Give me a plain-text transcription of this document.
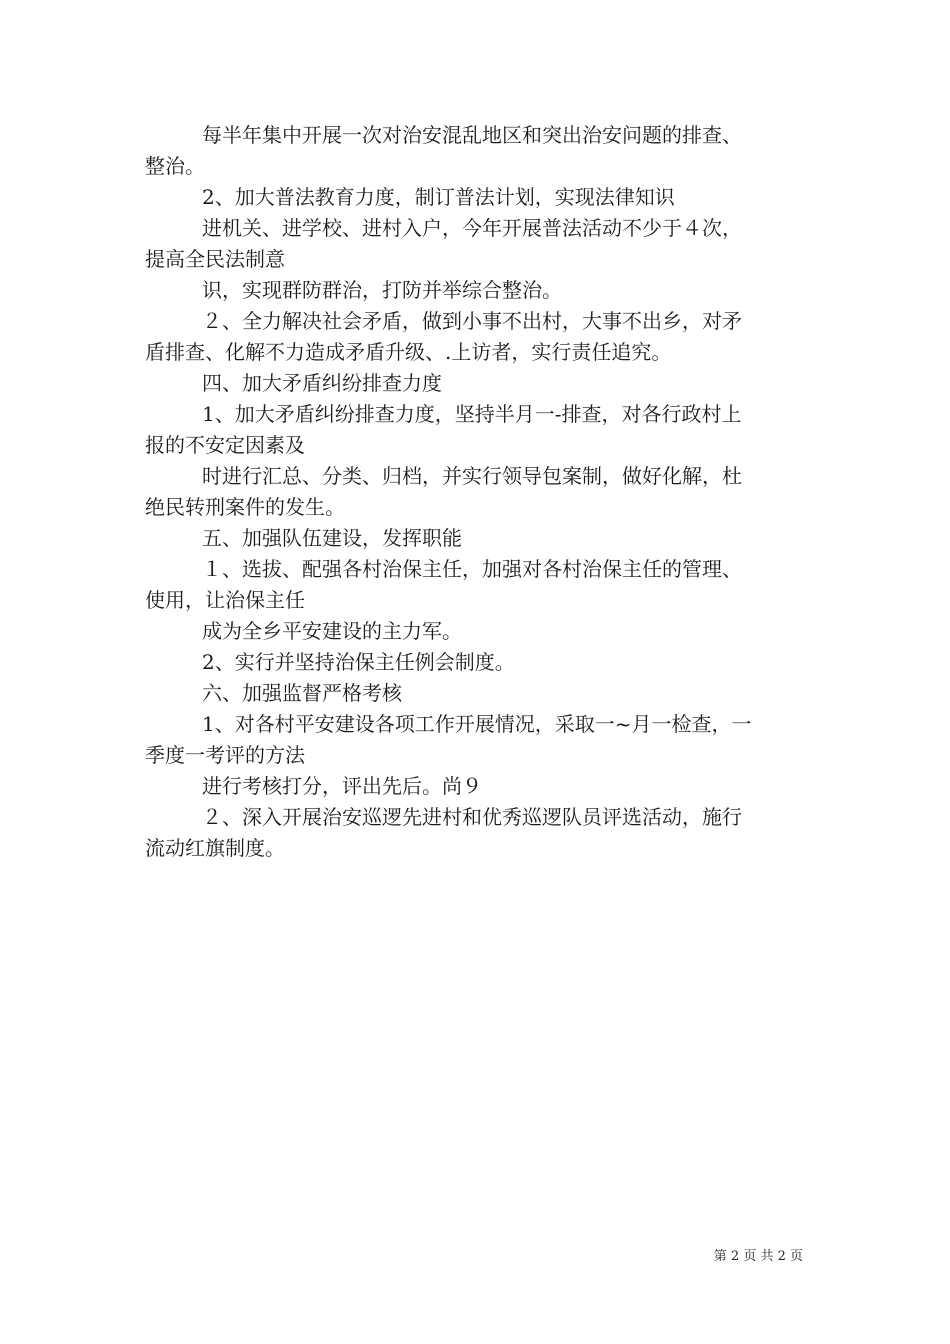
每半年集中开展一次对治安混乱地区和突出治安问题的排查、
整治。
2、加大普法教育力度，制订普法计划，实现法律知识
进机关、进学校、进村入户，今年开展普法活动不少于４次，
提高全民法制意
识，实现群防群治，打防并举综合整治。
２、全力解决社会矛盾，做到小事不出村，大事不出乡，对矛
盾排查、化解不力造成矛盾升级、.上访者，实行责任追究。
四、加大矛盾纠纷排查力度
1、加大矛盾纠纷排查力度，坚持半月一-排查，对各行政村上
报的不安定因素及
时进行汇总、分类、归档，并实行领导包案制，做好化解，杜
绝民转刑案件的发生。
五、加强队伍建设，发挥职能
１、选拔、配强各村治保主任，加强对各村治保主任的管理、
使用，让治保主任
成为全乡平安建设的主力军。
2、实行并坚持治保主任例会制度。
六、加强监督严格考核
1、对各村平安建设各项工作开展情况，采取一~月一检查，一
季度一考评的方法
进行考核打分，评出先后。尚９
２、深入开展治安巡逻先进村和优秀巡逻队员评选活动，施行
流动红旗制度。
第 2 页 共 2 页
